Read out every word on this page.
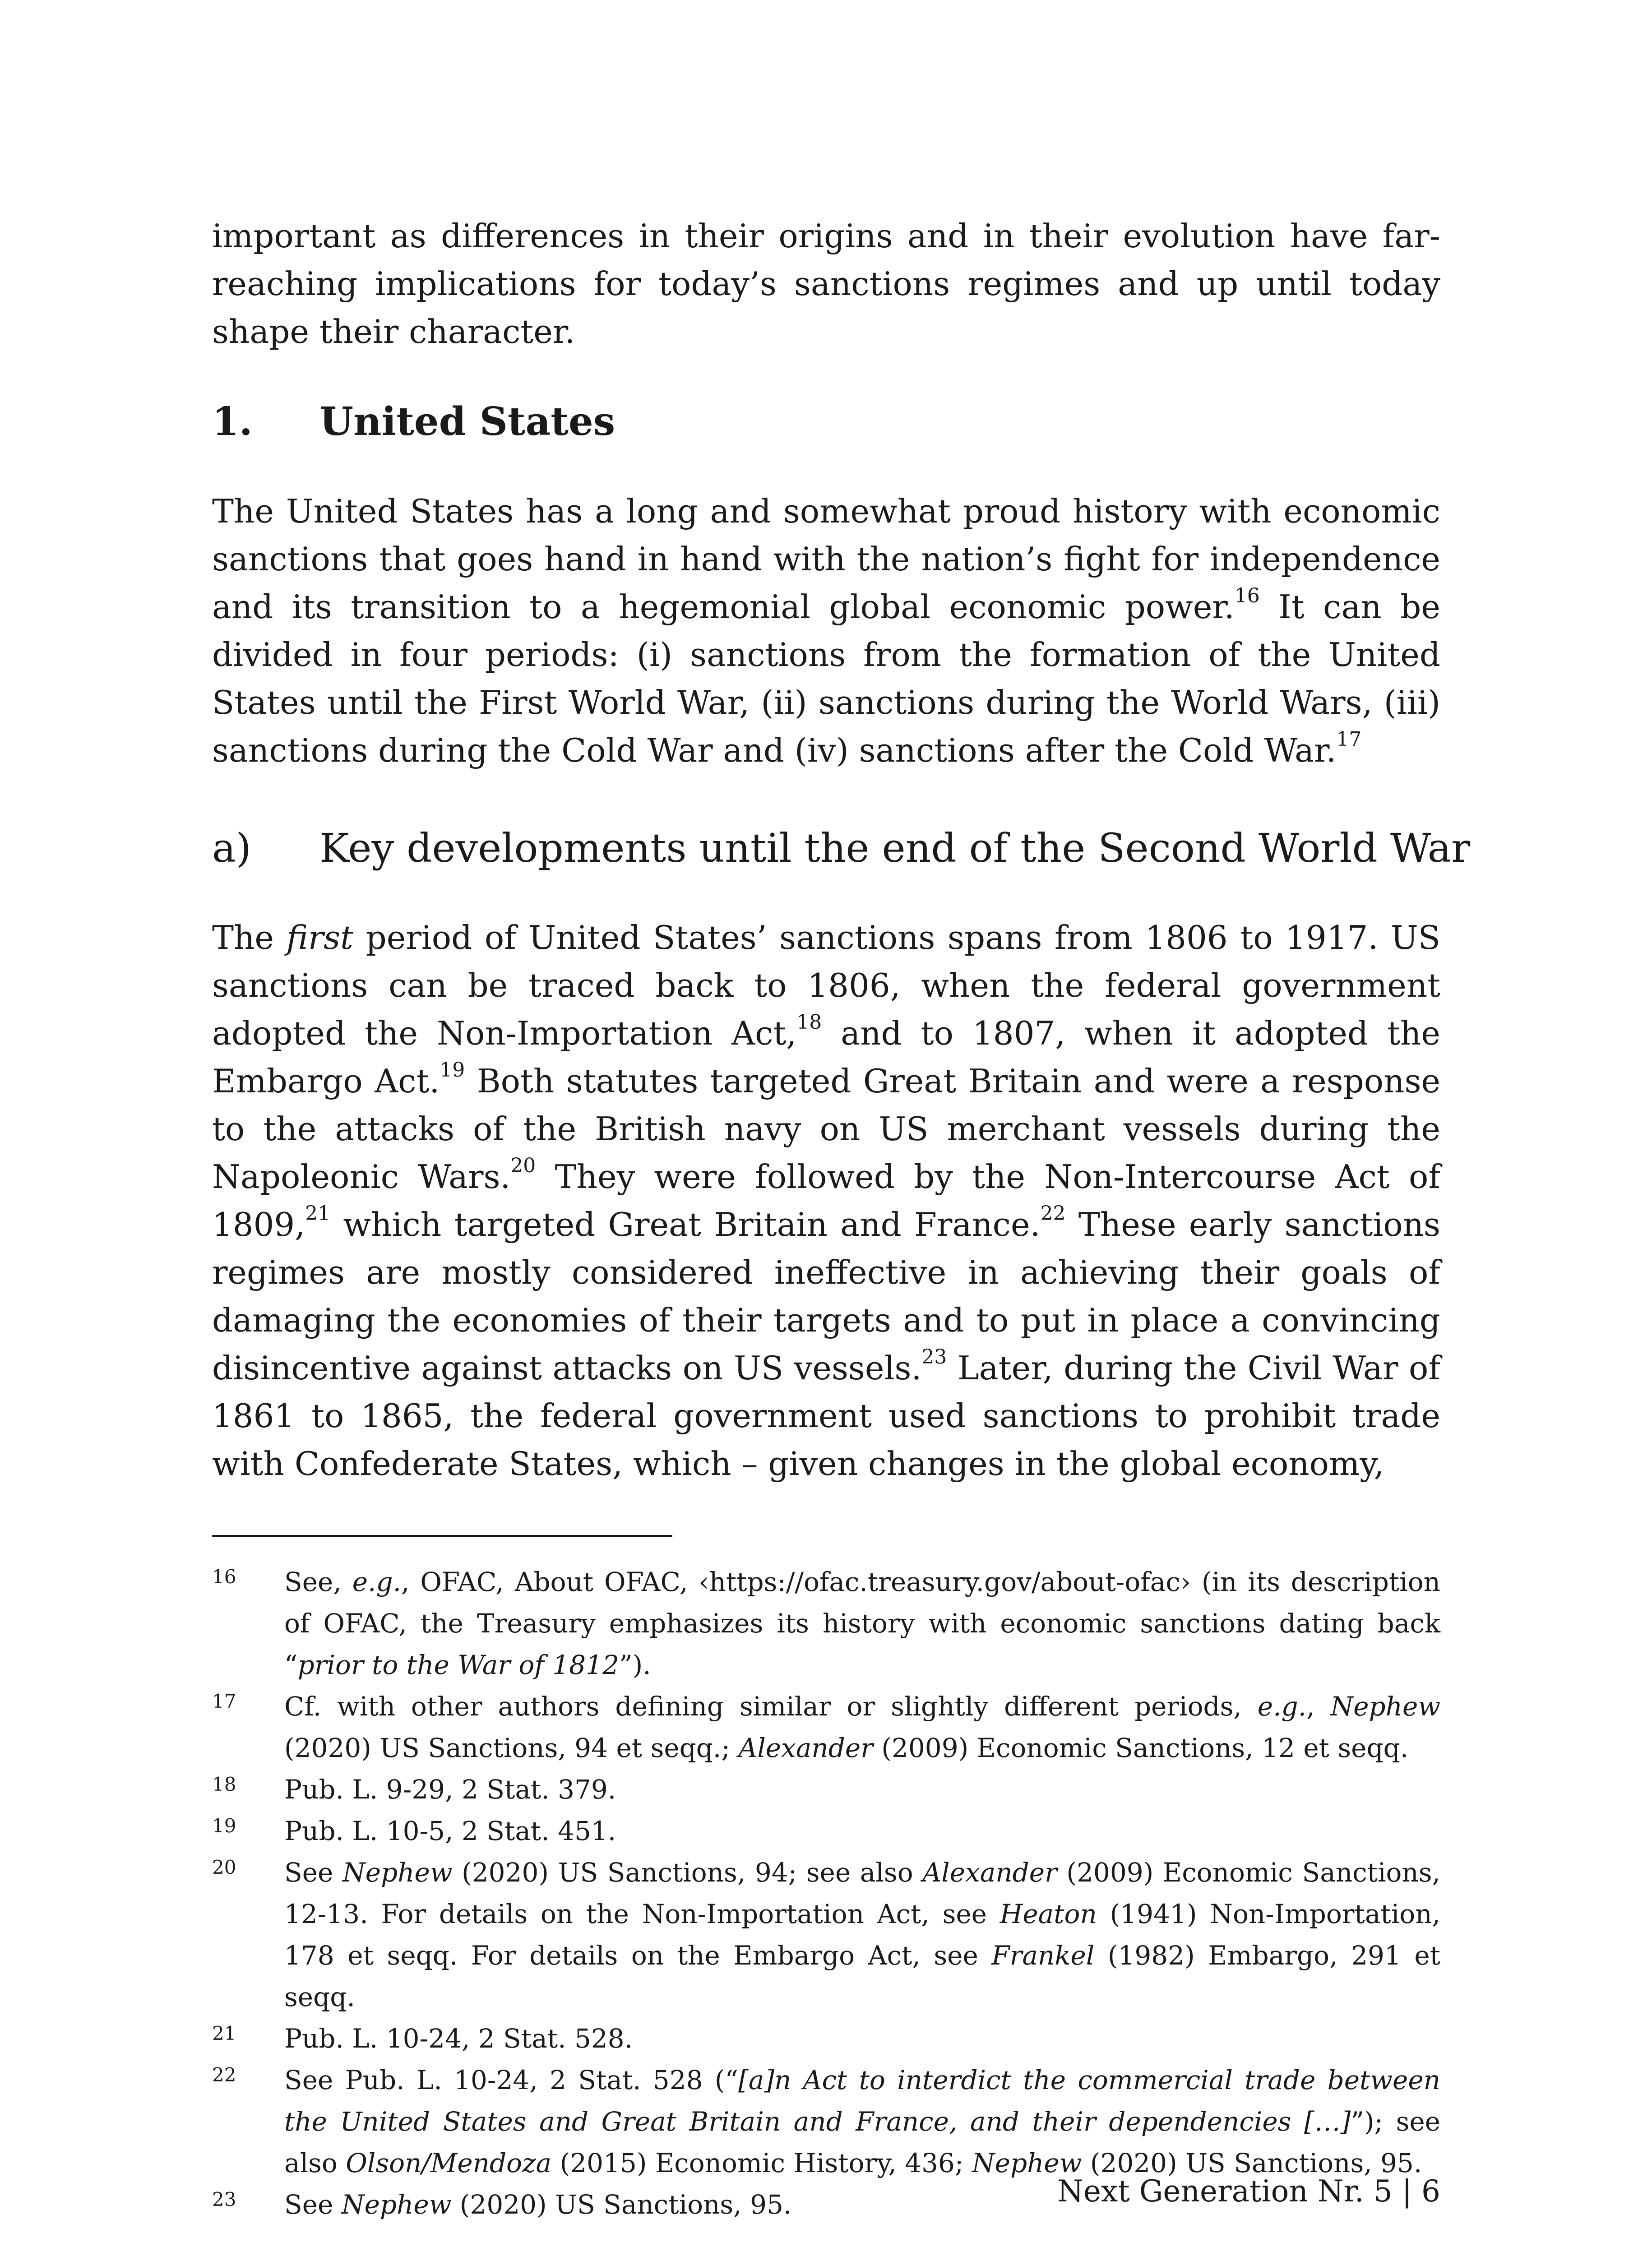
important as differences in their origins and in their evolution have far-reaching implications for today’s sanctions regimes and up until today shape their character.

1. United States

The United States has a long and somewhat proud history with economic sanctions that goes hand in hand with the nation’s fight for independence and its transition to a hegemonial global economic power.$^{16}$ It can be divided in four periods: (i) sanctions from the formation of the United States until the First World War, (ii) sanctions during the World Wars, (iii) sanctions during the Cold War and (iv) sanctions after the Cold War.$^{17}$

a) Key developments until the end of the Second World War

The first period of United States’ sanctions spans from 1806 to 1917. US sanctions can be traced back to 1806, when the federal government adopted the Non-Importation Act,$^{18}$ and to 1807, when it adopted the Embargo Act.$^{19}$ Both statutes targeted Great Britain and were a response to the attacks of the British navy on US merchant vessels during the Napoleonic Wars.$^{20}$ They were followed by the Non-Intercourse Act of 1809,21 which targeted Great Britain and France.$^{22}$ These early sanctions regimes are mostly considered ineffective in achieving their goals of damaging the economies of their targets and to put in place a convincing disincentive against attacks on US vessels.$^{23}$ Later, during the Civil War of 1861 to 1865, the federal government used sanctions to prohibit trade with Confederate States, which – given changes in the global economy,

16	See, e.g., OFAC, About OFAC, ‹https://ofac.treasury.gov/about-ofac› (in its description of OFAC, the Treasury emphasizes its history with economic sanctions dating back “prior to the War of 1812”).
17	Cf. with other authors defining similar or slightly different periods, e.g., Nephew (2020) US Sanctions, 94 et seqq.; Alexander (2009) Economic Sanctions, 12 et seqq.
18	Pub. L. 9-29, 2 Stat. 379.
19	Pub. L. 10-5, 2 Stat. 451.
20	See Nephew (2020) US Sanctions, 94; see also Alexander (2009) Economic Sanctions, 12-13. For details on the Non-Importation Act, see Heaton (1941) Non-Importation, 178 et seqq. For details on the Embargo Act, see Frankel (1982) Embargo, 291 et seqq.
21	Pub. L. 10-24, 2 Stat. 528.
22	See Pub. L. 10-24, 2 Stat. 528 (“[a]n Act to interdict the commercial trade between the United States and Great Britain and France, and their dependencies […]”); see also Olson/Mendoza (2015) Economic History, 436; Nephew (2020) US Sanctions, 95.
23	See Nephew (2020) US Sanctions, 95.	Next Generation Nr. 5 | 6
